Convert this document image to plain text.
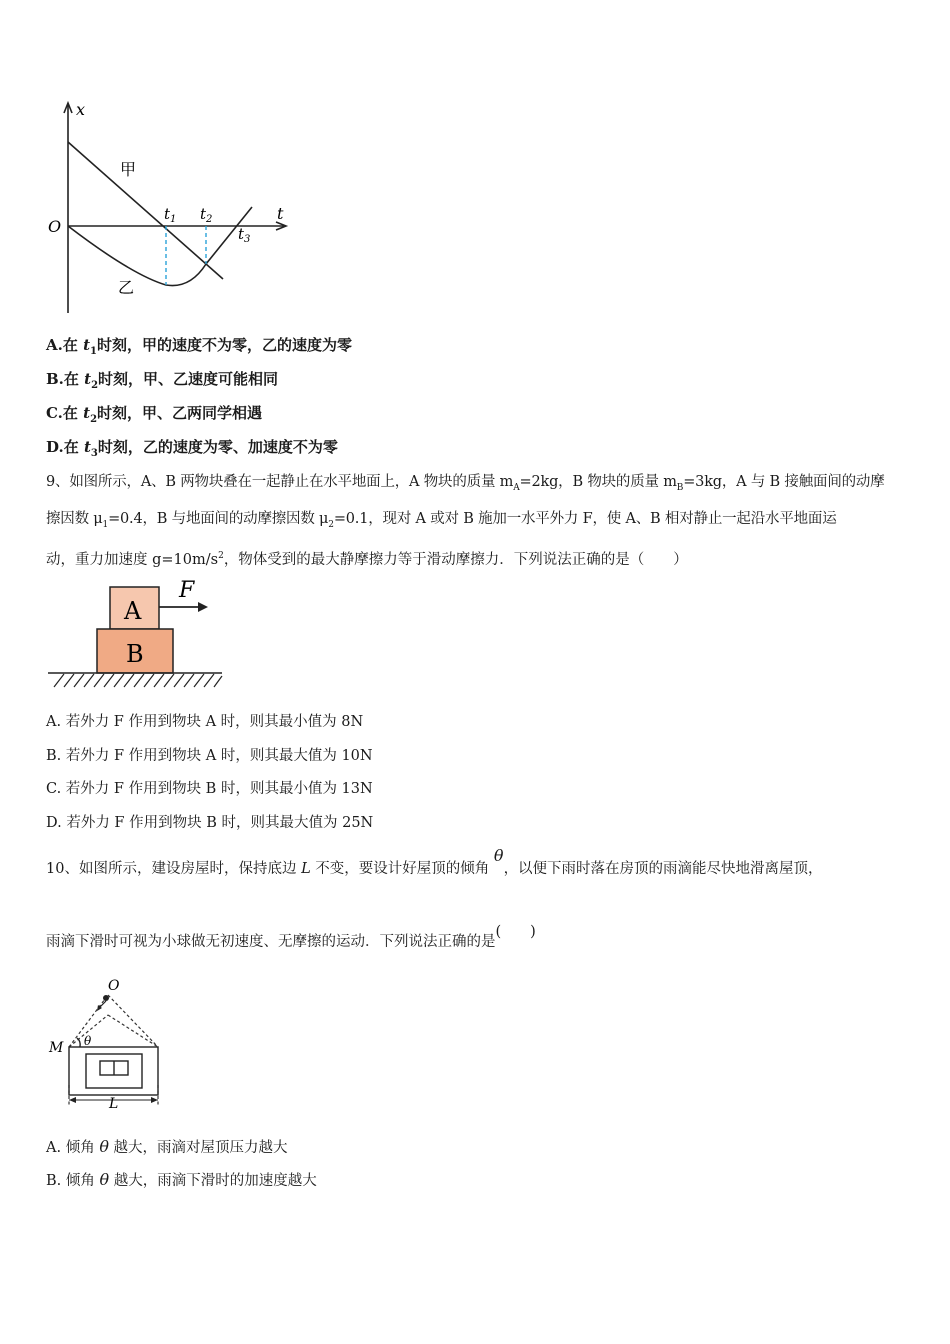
x
t
O
甲
乙
$t_1$ $t_2$
$t_3$
A.在 $t_1$时刻，甲的速度不为零，乙的速度为零
B.在 $t_2$时刻，甲、乙速度可能相同
C.在 $t_2$时刻，甲、乙两同学相遇
D.在 $t_3$时刻，乙的速度为零、加速度不为零
9、如图所示，A、B 两物块叠在一起静止在水平地面上，A 物块的质量 $m_A=2kg$，B 物块的质量 $m_B=3kg$，A 与 B 接触面间的动摩
擦因数 $\mu_1=0.4$，B 与地面间的动摩擦因数 $\mu_2=0.1$，现对 A 或对 B 施加一水平外力 F，使 A、B 相对静止一起沿水平地面运
动，重力加速度 $g=10m/s^2$，物体受到的最大静摩擦力等于滑动摩擦力．下列说法正确的是（　　）
A
B
F
A. 若外力 F 作用到物块 A 时，则其最小值为 8N
B. 若外力 F 作用到物块 A 时，则其最大值为 10N
C. 若外力 F 作用到物块 B 时，则其最小值为 13N
D. 若外力 F 作用到物块 B 时，则其最大值为 25N
10、如图所示，建设房屋时，保持底边 L 不变，要设计好屋顶的倾角 θ，以便下雨时落在房顶的雨滴能尽快地滑离屋顶，
雨滴下滑时可视为小球做无初速度、无摩擦的运动．下列说法正确的是(　　)
O
M θ
L
A. 倾角 θ 越大，雨滴对屋顶压力越大
B. 倾角 θ 越大，雨滴下滑时的加速度越大
